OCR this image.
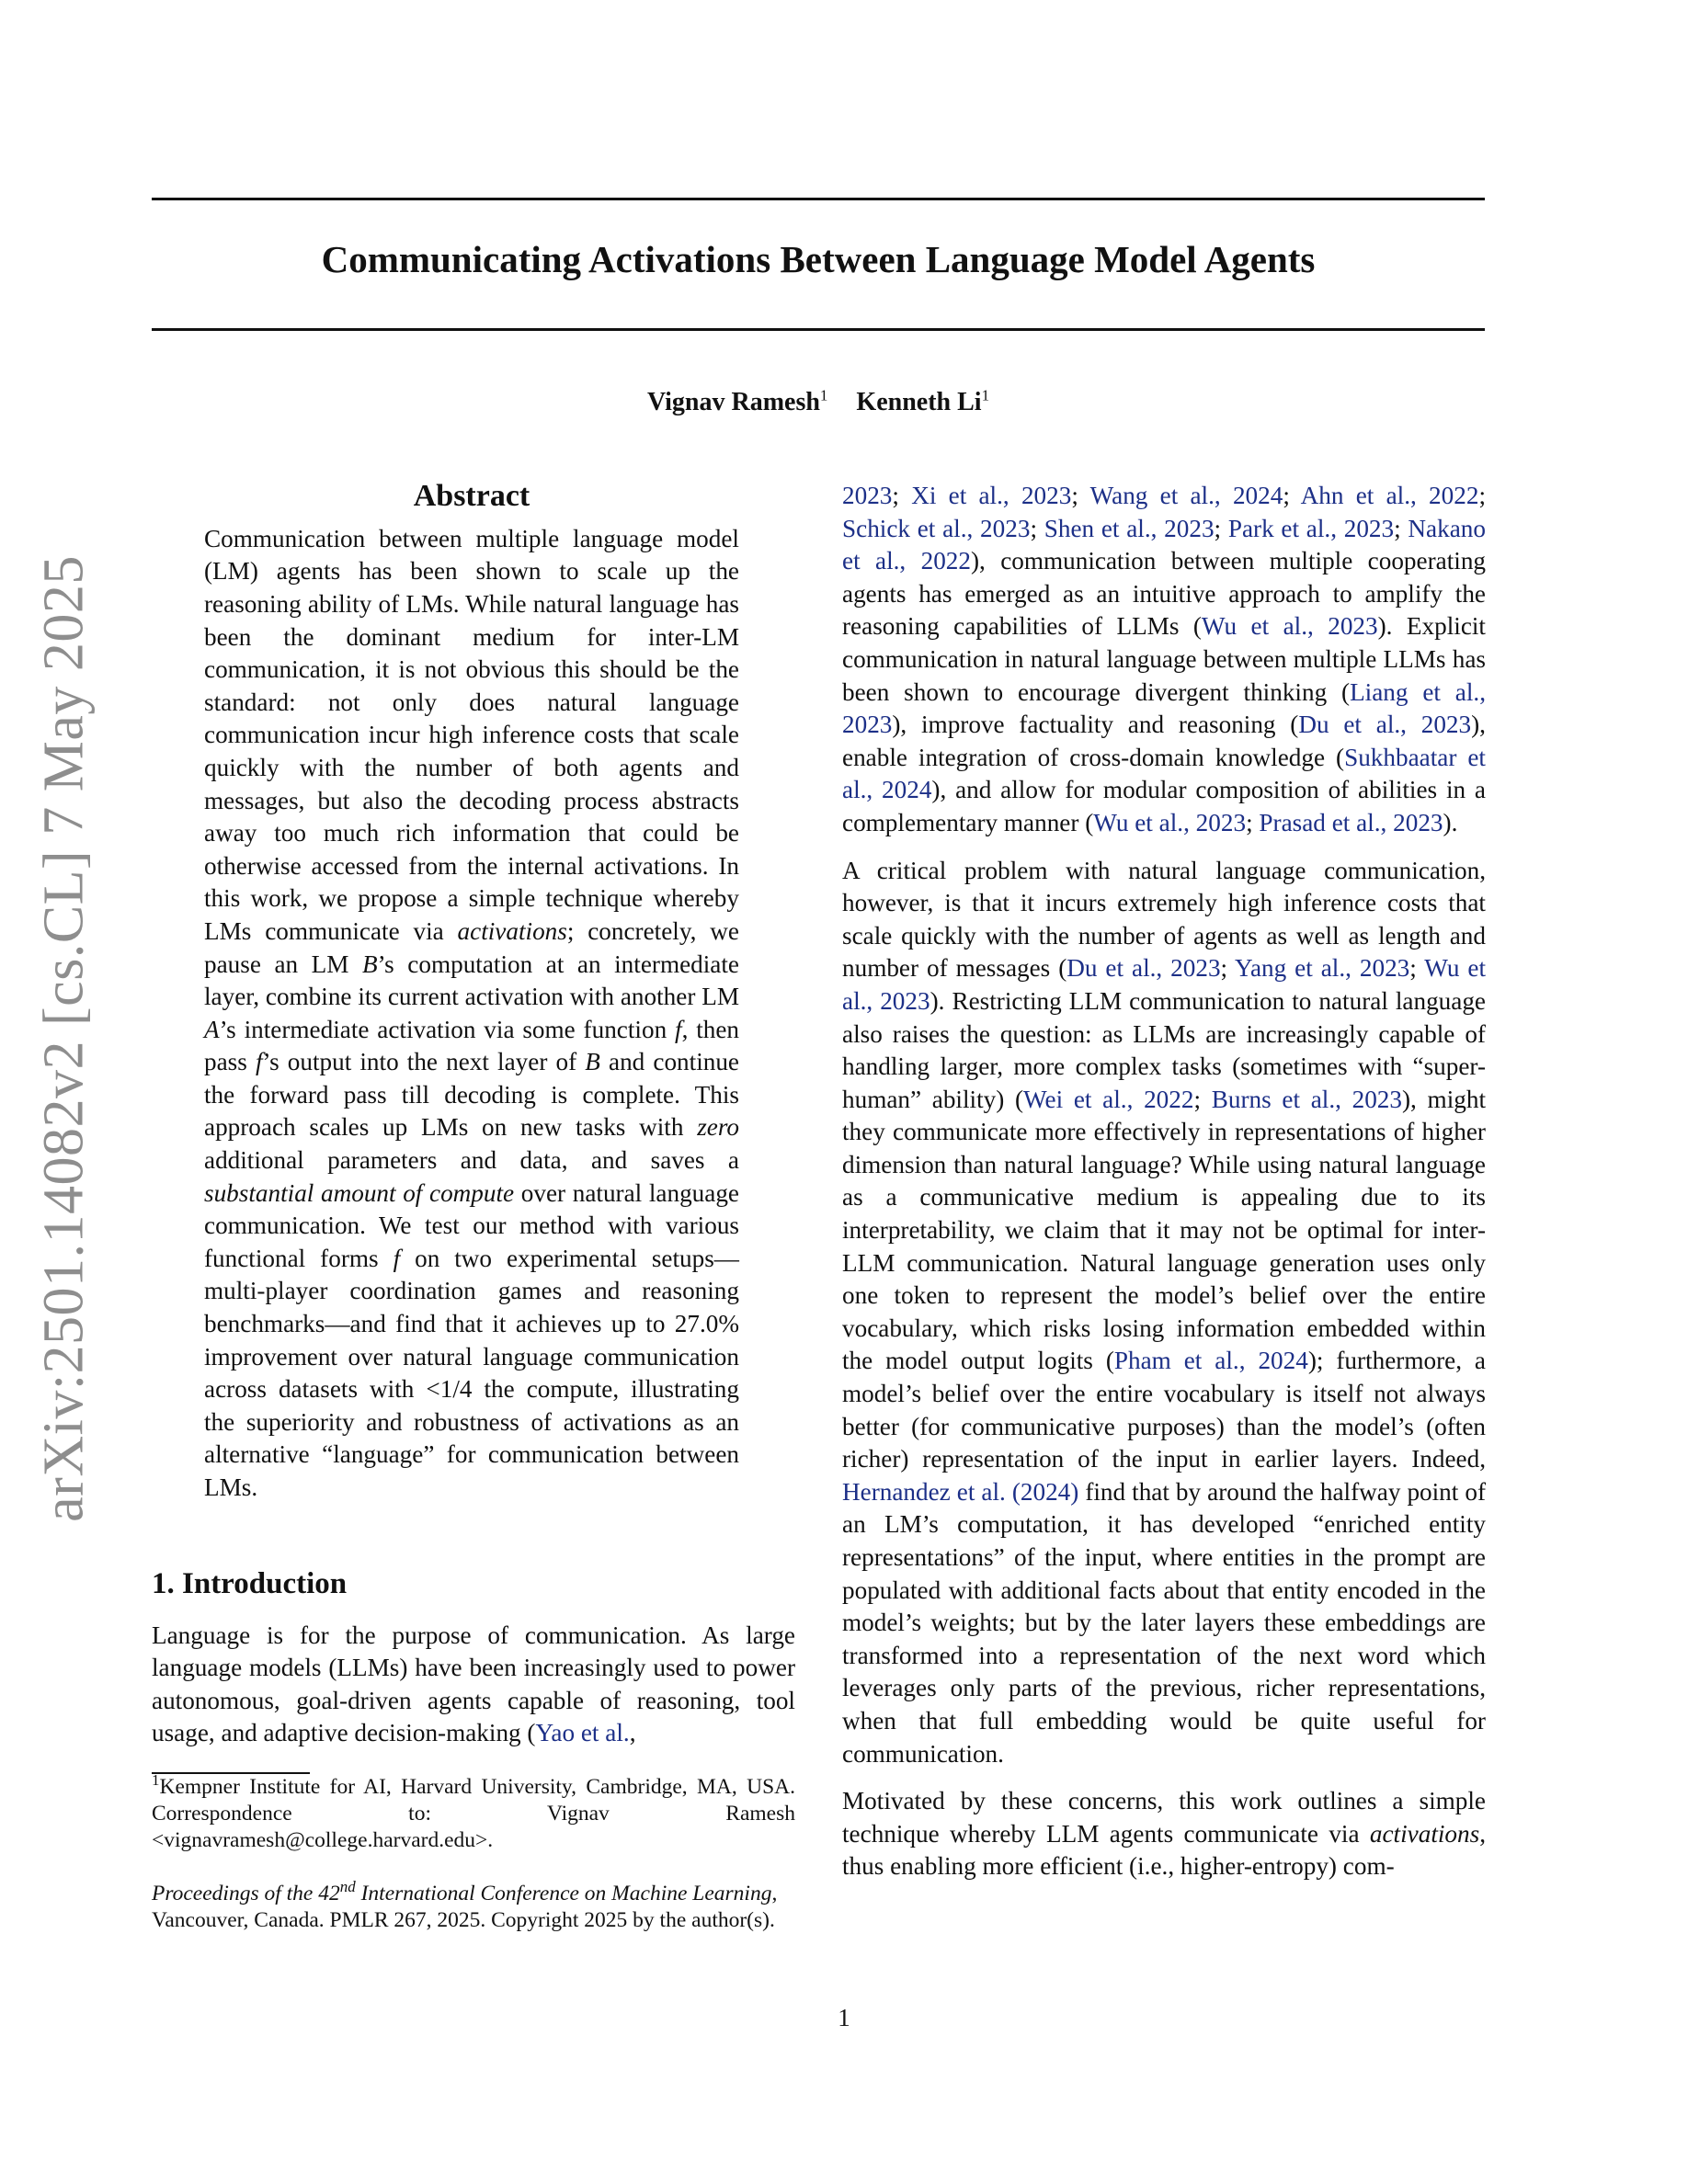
arXiv:2501.14082v2 [cs.CL] 7 May 2025
Communicating Activations Between Language Model Agents
Vignav Ramesh$^1$ Kenneth Li$^1$
Abstract

Communication between multiple language model (LM) agents has been shown to scale up the reasoning ability of LMs. While natural language has been the dominant medium for inter-LM communication, it is not obvious this should be the standard: not only does natural language communication incur high inference costs that scale quickly with the number of both agents and messages, but also the decoding process abstracts away too much rich information that could be otherwise accessed from the internal activations. In this work, we propose a simple technique whereby LMs communicate via activations; concretely, we pause an LM B’s computation at an intermediate layer, combine its current activation with another LM A’s intermediate activation via some function f, then pass f’s output into the next layer of B and continue the forward pass till decoding is complete. This approach scales up LMs on new tasks with zero additional parameters and data, and saves a substantial amount of compute over natural language communication. We test our method with various functional forms f on two experimental setups—multi-player coordination games and reasoning benchmarks—and find that it achieves up to 27.0% improvement over natural language communication across datasets with <1/4 the compute, illustrating the superiority and robustness of activations as an alternative “language” for communication between LMs.

1. Introduction

Language is for the purpose of communication. As large language models (LLMs) have been increasingly used to power autonomous, goal-driven agents capable of reasoning, tool usage, and adaptive decision-making (Yao et al.,

$^1$Kempner Institute for AI, Harvard University, Cambridge, MA, USA. Correspondence to: Vignav Ramesh <vignavramesh@college.harvard.edu>.

Proceedings of the 42nd International Conference on Machine Learning, Vancouver, Canada. PMLR 267, 2025. Copyright 2025 by the author(s).

2023; Xi et al., 2023; Wang et al., 2024; Ahn et al., 2022; Schick et al., 2023; Shen et al., 2023; Park et al., 2023; Nakano et al., 2022), communication between multiple cooperating agents has emerged as an intuitive approach to amplify the reasoning capabilities of LLMs (Wu et al., 2023). Explicit communication in natural language between multiple LLMs has been shown to encourage divergent thinking (Liang et al., 2023), improve factuality and reasoning (Du et al., 2023), enable integration of cross-domain knowledge (Sukhbaatar et al., 2024), and allow for modular composition of abilities in a complementary manner (Wu et al., 2023; Prasad et al., 2023).

A critical problem with natural language communication, however, is that it incurs extremely high inference costs that scale quickly with the number of agents as well as length and number of messages (Du et al., 2023; Yang et al., 2023; Wu et al., 2023). Restricting LLM communication to natural language also raises the question: as LLMs are increasingly capable of handling larger, more complex tasks (sometimes with “super-human” ability) (Wei et al., 2022; Burns et al., 2023), might they communicate more effectively in representations of higher dimension than natural language? While using natural language as a communicative medium is appealing due to its interpretability, we claim that it may not be optimal for inter-LLM communication. Natural language generation uses only one token to represent the model’s belief over the entire vocabulary, which risks losing information embedded within the model output logits (Pham et al., 2024); furthermore, a model’s belief over the entire vocabulary is itself not always better (for communicative purposes) than the model’s (often richer) representation of the input in earlier layers. Indeed, Hernandez et al. (2024) find that by around the halfway point of an LM’s computation, it has developed “enriched entity representations” of the input, where entities in the prompt are populated with additional facts about that entity encoded in the model’s weights; but by the later layers these embeddings are transformed into a representation of the next word which leverages only parts of the previous, richer representations, when that full embedding would be quite useful for communication.

Motivated by these concerns, this work outlines a simple technique whereby LLM agents communicate via activations, thus enabling more efficient (i.e., higher-entropy) com-

1
